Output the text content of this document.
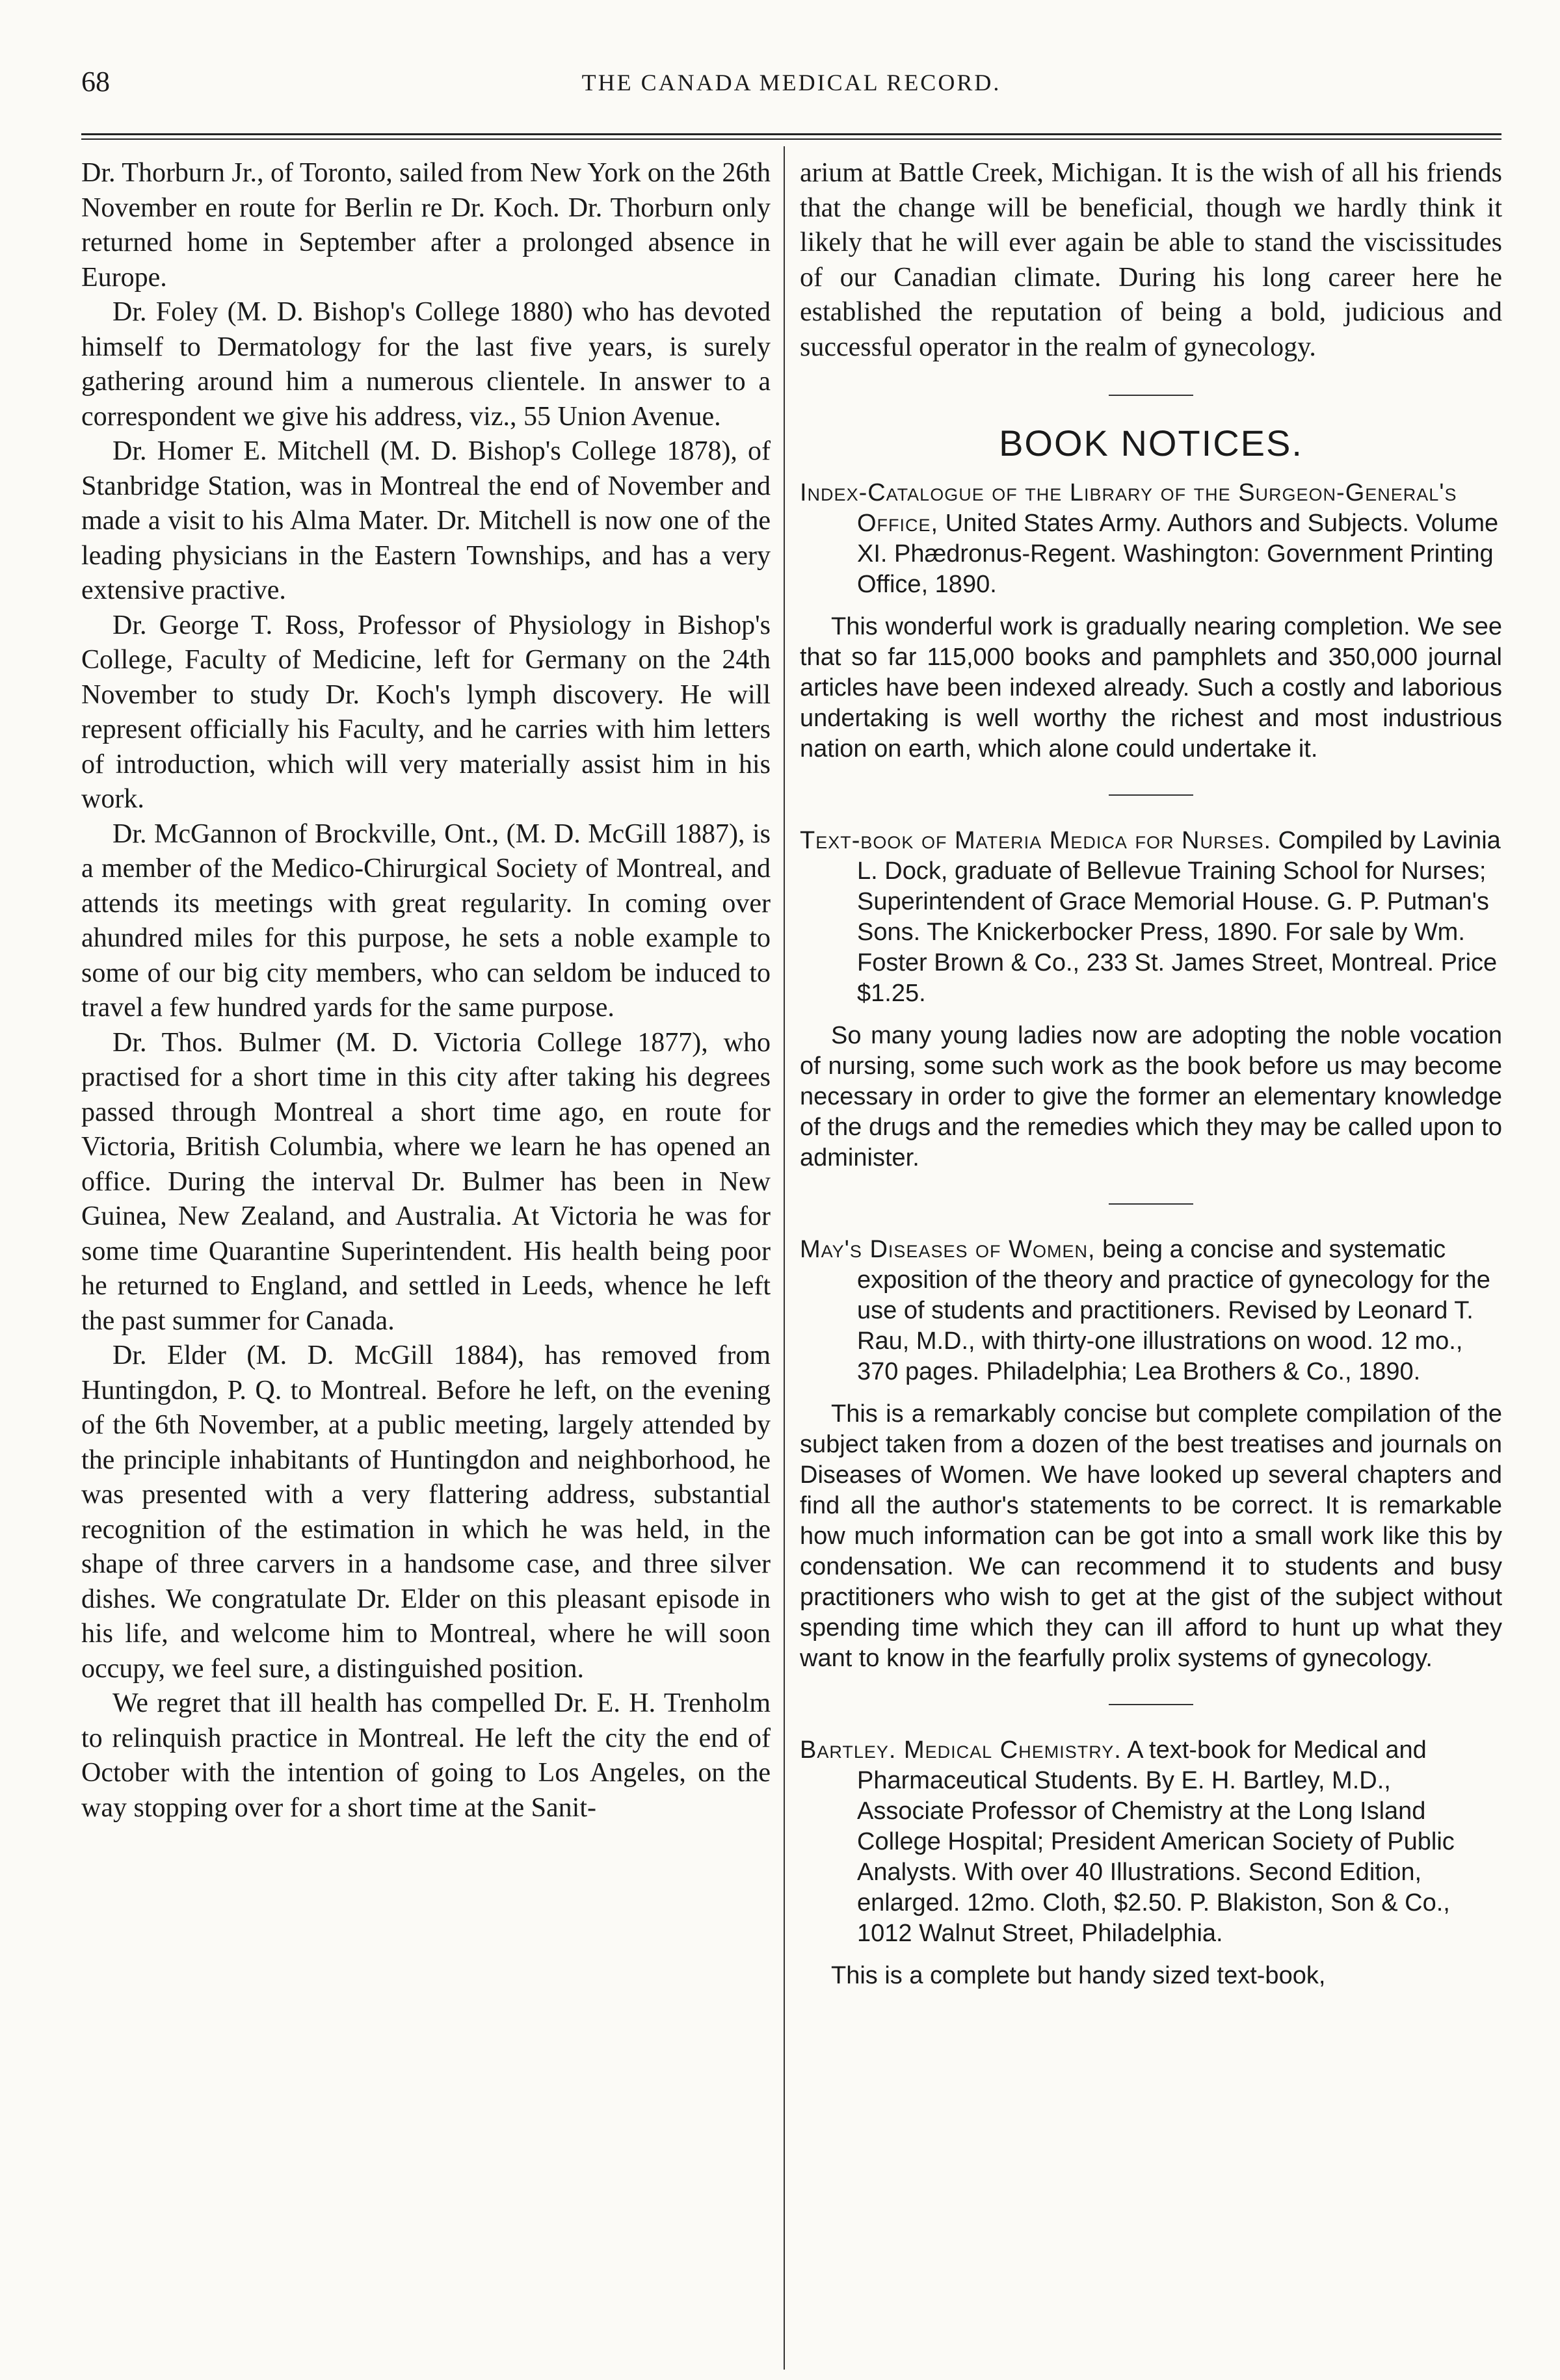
68	THE CANADA MEDICAL RECORD.

Dr. Thorburn Jr., of Toronto, sailed from New York on the 26th November en route for Berlin re Dr. Koch. Dr. Thorburn only returned home in September after a prolonged absence in Europe.

Dr. Foley (M. D. Bishop's College 1880) who has devoted himself to Dermatology for the last five years, is surely gathering around him a numerous clientele. In answer to a correspondent we give his address, viz., 55 Union Avenue.

Dr. Homer E. Mitchell (M. D. Bishop's College 1878), of Stanbridge Station, was in Montreal the end of November and made a visit to his Alma Mater. Dr. Mitchell is now one of the leading physicians in the Eastern Townships, and has a very extensive practive.

Dr. George T. Ross, Professor of Physiology in Bishop's College, Faculty of Medicine, left for Germany on the 24th November to study Dr. Koch's lymph discovery. He will represent officially his Faculty, and he carries with him letters of introduction, which will very materially assist him in his work.

Dr. McGannon of Brockville, Ont., (M. D. McGill 1887), is a member of the Medico-Chirurgical Society of Montreal, and attends its meetings with great regularity. In coming over ahundred miles for this purpose, he sets a noble example to some of our big city members, who can seldom be induced to travel a few hundred yards for the same purpose.

Dr. Thos. Bulmer (M. D. Victoria College 1877), who practised for a short time in this city after taking his degrees passed through Montreal a short time ago, en route for Victoria, British Columbia, where we learn he has opened an office. During the interval Dr. Bulmer has been in New Guinea, New Zealand, and Australia. At Victoria he was for some time Quarantine Superintendent. His health being poor he returned to England, and settled in Leeds, whence he left the past summer for Canada.

Dr. Elder (M. D. McGill 1884), has removed from Huntingdon, P. Q. to Montreal. Before he left, on the evening of the 6th November, at a public meeting, largely attended by the principle inhabitants of Huntingdon and neighborhood, he was presented with a very flattering address, substantial recognition of the estimation in which he was held, in the shape of three carvers in a handsome case, and three silver dishes. We congratulate Dr. Elder on this pleasant episode in his life, and welcome him to Montreal, where he will soon occupy, we feel sure, a distinguished position.

We regret that ill health has compelled Dr. E. H. Trenholm to relinquish practice in Montreal. He left the city the end of October with the intention of going to Los Angeles, on the way stopping over for a short time at the Sanit-

arium at Battle Creek, Michigan. It is the wish of all his friends that the change will be beneficial, though we hardly think it likely that he will ever again be able to stand the viscissitudes of our Canadian climate. During his long career here he established the reputation of being a bold, judicious and successful operator in the realm of gynecology.

BOOK NOTICES.

Index-Catalogue of the Library of the Surgeon-General's Office, United States Army. Authors and Subjects. Volume XI. Phædronus-Regent. Washington: Government Printing Office, 1890.

This wonderful work is gradually nearing completion. We see that so far 115,000 books and pamphlets and 350,000 journal articles have been indexed already. Such a costly and laborious undertaking is well worthy the richest and most industrious nation on earth, which alone could undertake it.

Text-book of Materia Medica for Nurses. Compiled by Lavinia L. Dock, graduate of Bellevue Training School for Nurses; Superintendent of Grace Memorial House. G. P. Putman's Sons. The Knickerbocker Press, 1890. For sale by Wm. Foster Brown & Co., 233 St. James Street, Montreal. Price $1.25.

So many young ladies now are adopting the noble vocation of nursing, some such work as the book before us may become necessary in order to give the former an elementary knowledge of the drugs and the remedies which they may be called upon to administer.

May's Diseases of Women, being a concise and systematic exposition of the theory and practice of gynecology for the use of students and practitioners. Revised by Leonard T. Rau, M.D., with thirty-one illustrations on wood. 12 mo., 370 pages. Philadelphia; Lea Brothers & Co., 1890.

This is a remarkably concise but complete compilation of the subject taken from a dozen of the best treatises and journals on Diseases of Women. We have looked up several chapters and find all the author's statements to be correct. It is remarkable how much information can be got into a small work like this by condensation. We can recommend it to students and busy practitioners who wish to get at the gist of the subject without spending time which they can ill afford to hunt up what they want to know in the fearfully prolix systems of gynecology.

Bartley. Medical Chemistry. A text-book for Medical and Pharmaceutical Students. By E. H. Bartley, M.D., Associate Professor of Chemistry at the Long Island College Hospital; President American Society of Public Analysts. With over 40 Illustrations. Second Edition, enlarged. 12mo. Cloth, $2.50. P. Blakiston, Son & Co., 1012 Walnut Street, Philadelphia.

This is a complete but handy sized text-book,
